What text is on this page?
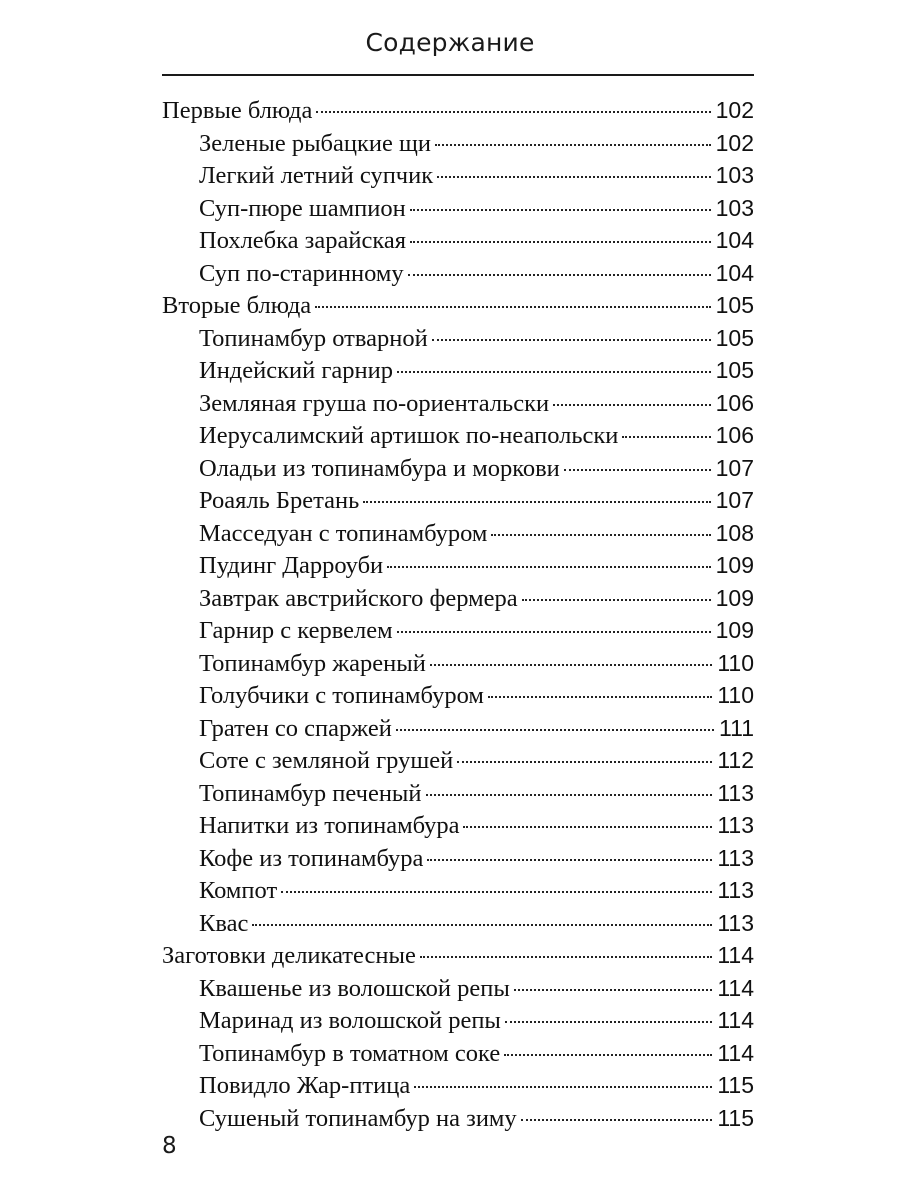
Содержание
Первые блюда	102
Зеленые рыбацкие щи	102
Легкий летний супчик	103
Суп-пюре шампион	103
Похлебка зарайская	104
Суп по-старинному	104
Вторые блюда	105
Топинамбур отварной	105
Индейский гарнир	105
Земляная груша по-ориентальски	106
Иерусалимский артишок по-неапольски	106
Оладьи из топинамбура и моркови	107
Роаяль Бретань	107
Масседуан с топинамбуром	108
Пудинг Дарроуби	109
Завтрак австрийского фермера	109
Гарнир с кервелем	109
Топинамбур жареный	110
Голубчики с топинамбуром	110
Гратен со спаржей	111
Соте с земляной грушей	112
Топинамбур печеный	113
Напитки из топинамбура	113
Кофе из топинамбура	113
Компот	113
Квас	113
Заготовки деликатесные	114
Квашенье из волошской репы	114
Маринад из волошской репы	114
Топинамбур в томатном соке	114
Повидло Жар-птица	115
Сушеный топинамбур на зиму	115
8
